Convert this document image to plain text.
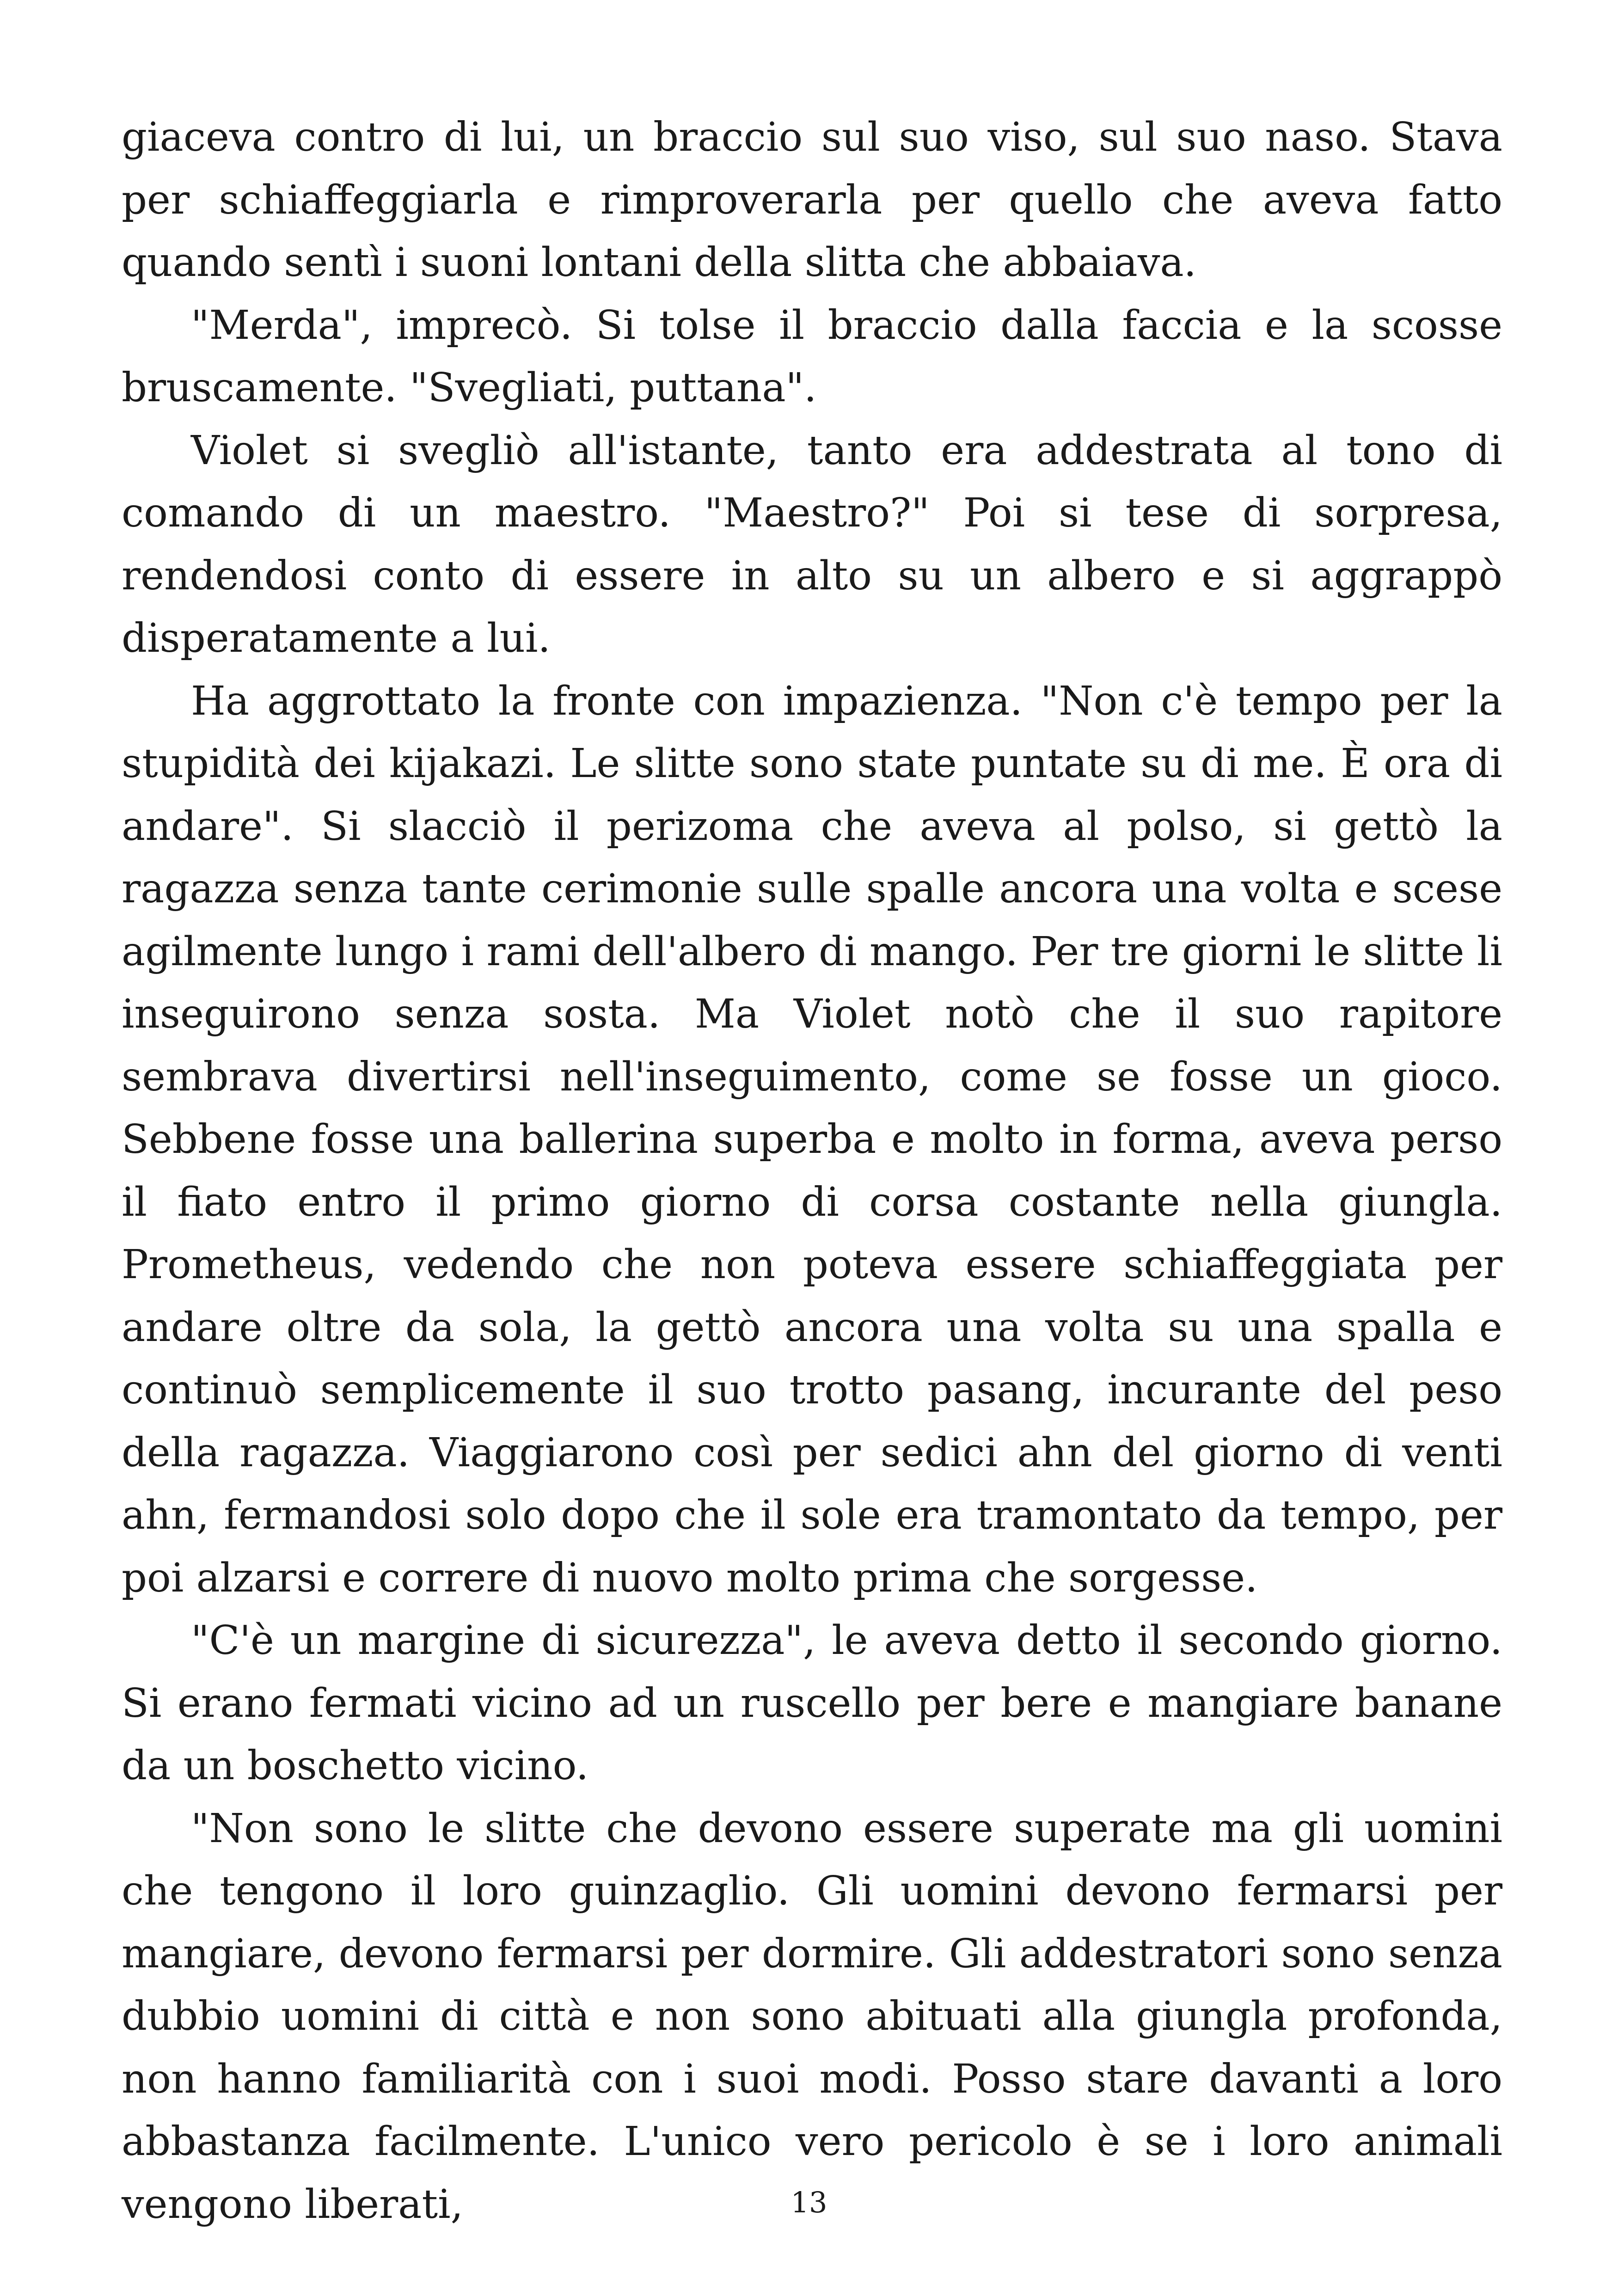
giaceva contro di lui, un braccio sul suo viso, sul suo naso. Stava per schiaffeggiarla e rimproverarla per quello che aveva fatto quando sentì i suoni lontani della slitta che abbaiava.

"Merda", imprecò. Si tolse il braccio dalla faccia e la scosse bruscamente. "Svegliati, puttana".

Violet si svegliò all'istante, tanto era addestrata al tono di comando di un maestro. "Maestro?" Poi si tese di sorpresa, rendendosi conto di essere in alto su un albero e si aggrappò disperatamente a lui.

Ha aggrottato la fronte con impazienza. "Non c'è tempo per la stupidità dei kijakazi. Le slitte sono state puntate su di me. È ora di andare". Si slacciò il perizoma che aveva al polso, si gettò la ragazza senza tante cerimonie sulle spalle ancora una volta e scese agilmente lungo i rami dell'albero di mango. Per tre giorni le slitte li inseguirono senza sosta. Ma Violet notò che il suo rapitore sembrava divertirsi nell'inseguimento, come se fosse un gioco. Sebbene fosse una ballerina superba e molto in forma, aveva perso il fiato entro il primo giorno di corsa costante nella giungla. Prometheus, vedendo che non poteva essere schiaffeggiata per andare oltre da sola, la gettò ancora una volta su una spalla e continuò semplicemente il suo trotto pasang, incurante del peso della ragazza. Viaggiarono così per sedici ahn del giorno di venti ahn, fermandosi solo dopo che il sole era tramontato da tempo, per poi alzarsi e correre di nuovo molto prima che sorgesse.

"C'è un margine di sicurezza", le aveva detto il secondo giorno. Si erano fermati vicino ad un ruscello per bere e mangiare banane da un boschetto vicino.

"Non sono le slitte che devono essere superate ma gli uomini che tengono il loro guinzaglio. Gli uomini devono fermarsi per mangiare, devono fermarsi per dormire. Gli addestratori sono senza dubbio uomini di città e non sono abituati alla giungla profonda, non hanno familiarità con i suoi modi. Posso stare davanti a loro abbastanza facilmente. L'unico vero pericolo è se i loro animali vengono liberati,	13
